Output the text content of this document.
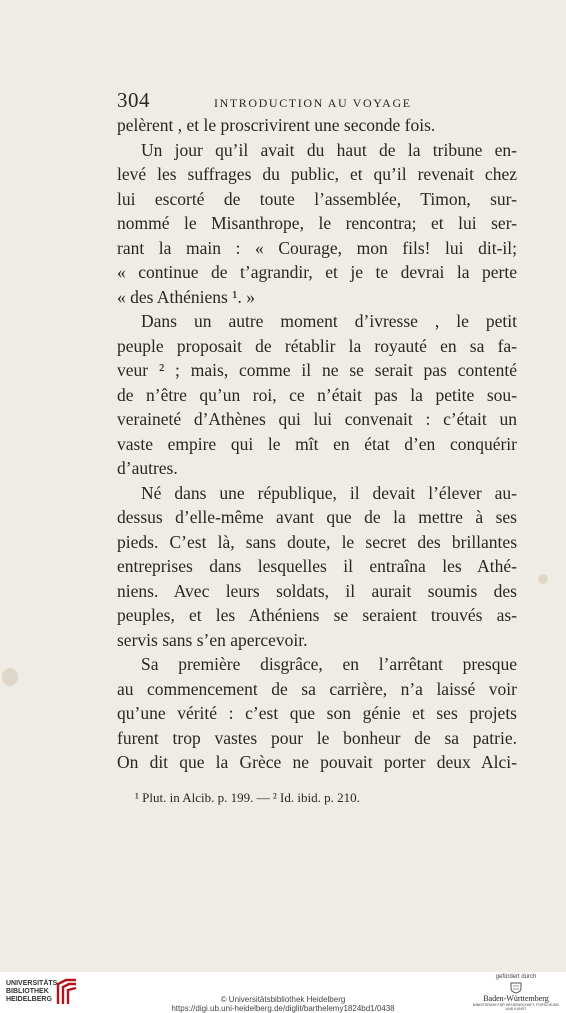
304	INTRODUCTION AU VOYAGE
pelèrent , et le proscrivirent une seconde fois.
Un jour qu’il avait du haut de la tribune en-
levé les suffrages du public, et qu’il revenait chez
lui escorté de toute l’assemblée, Timon, sur-
nommé le Misanthrope, le rencontra; et lui ser-
rant la main : « Courage, mon fils! lui dit-il;
« continue de t’agrandir, et je te devrai la perte
« des Athéniens ¹. »
Dans un autre moment d’ivresse , le petit
peuple proposait de rétablir la royauté en sa fa-
veur ² ; mais, comme il ne se serait pas contenté
de n’être qu’un roi, ce n’était pas la petite sou-
veraineté d’Athènes qui lui convenait : c’était un
vaste empire qui le mît en état d’en conquérir
d’autres.
Né dans une république, il devait l’élever au-
dessus d’elle-même avant que de la mettre à ses
pieds. C’est là, sans doute, le secret des brillantes
entreprises dans lesquelles il entraîna les Athé-
niens. Avec leurs soldats, il aurait soumis des
peuples, et les Athéniens se seraient trouvés as-
servis sans s’en apercevoir.
Sa première disgrâce, en l’arrêtant presque
au commencement de sa carrière, n’a laissé voir
qu’une vérité : c’est que son génie et ses projets
furent trop vastes pour le bonheur de sa patrie.
On dit que la Grèce ne pouvait porter deux Alci-
¹ Plut. in Alcib. p. 199. — ² Id. ibid. p. 210.
UNIVERSITÄTS-
BIBLIOTHEK
HEIDELBERG	© Universitätsbibliothek Heidelberg
https://digi.ub.uni-heidelberg.de/diglit/barthelemy1824bd1/0438
gefördert durch
Baden-Württemberg
MINISTERIUM FÜR WISSENSCHAFT, FORSCHUNG UND KUNST
